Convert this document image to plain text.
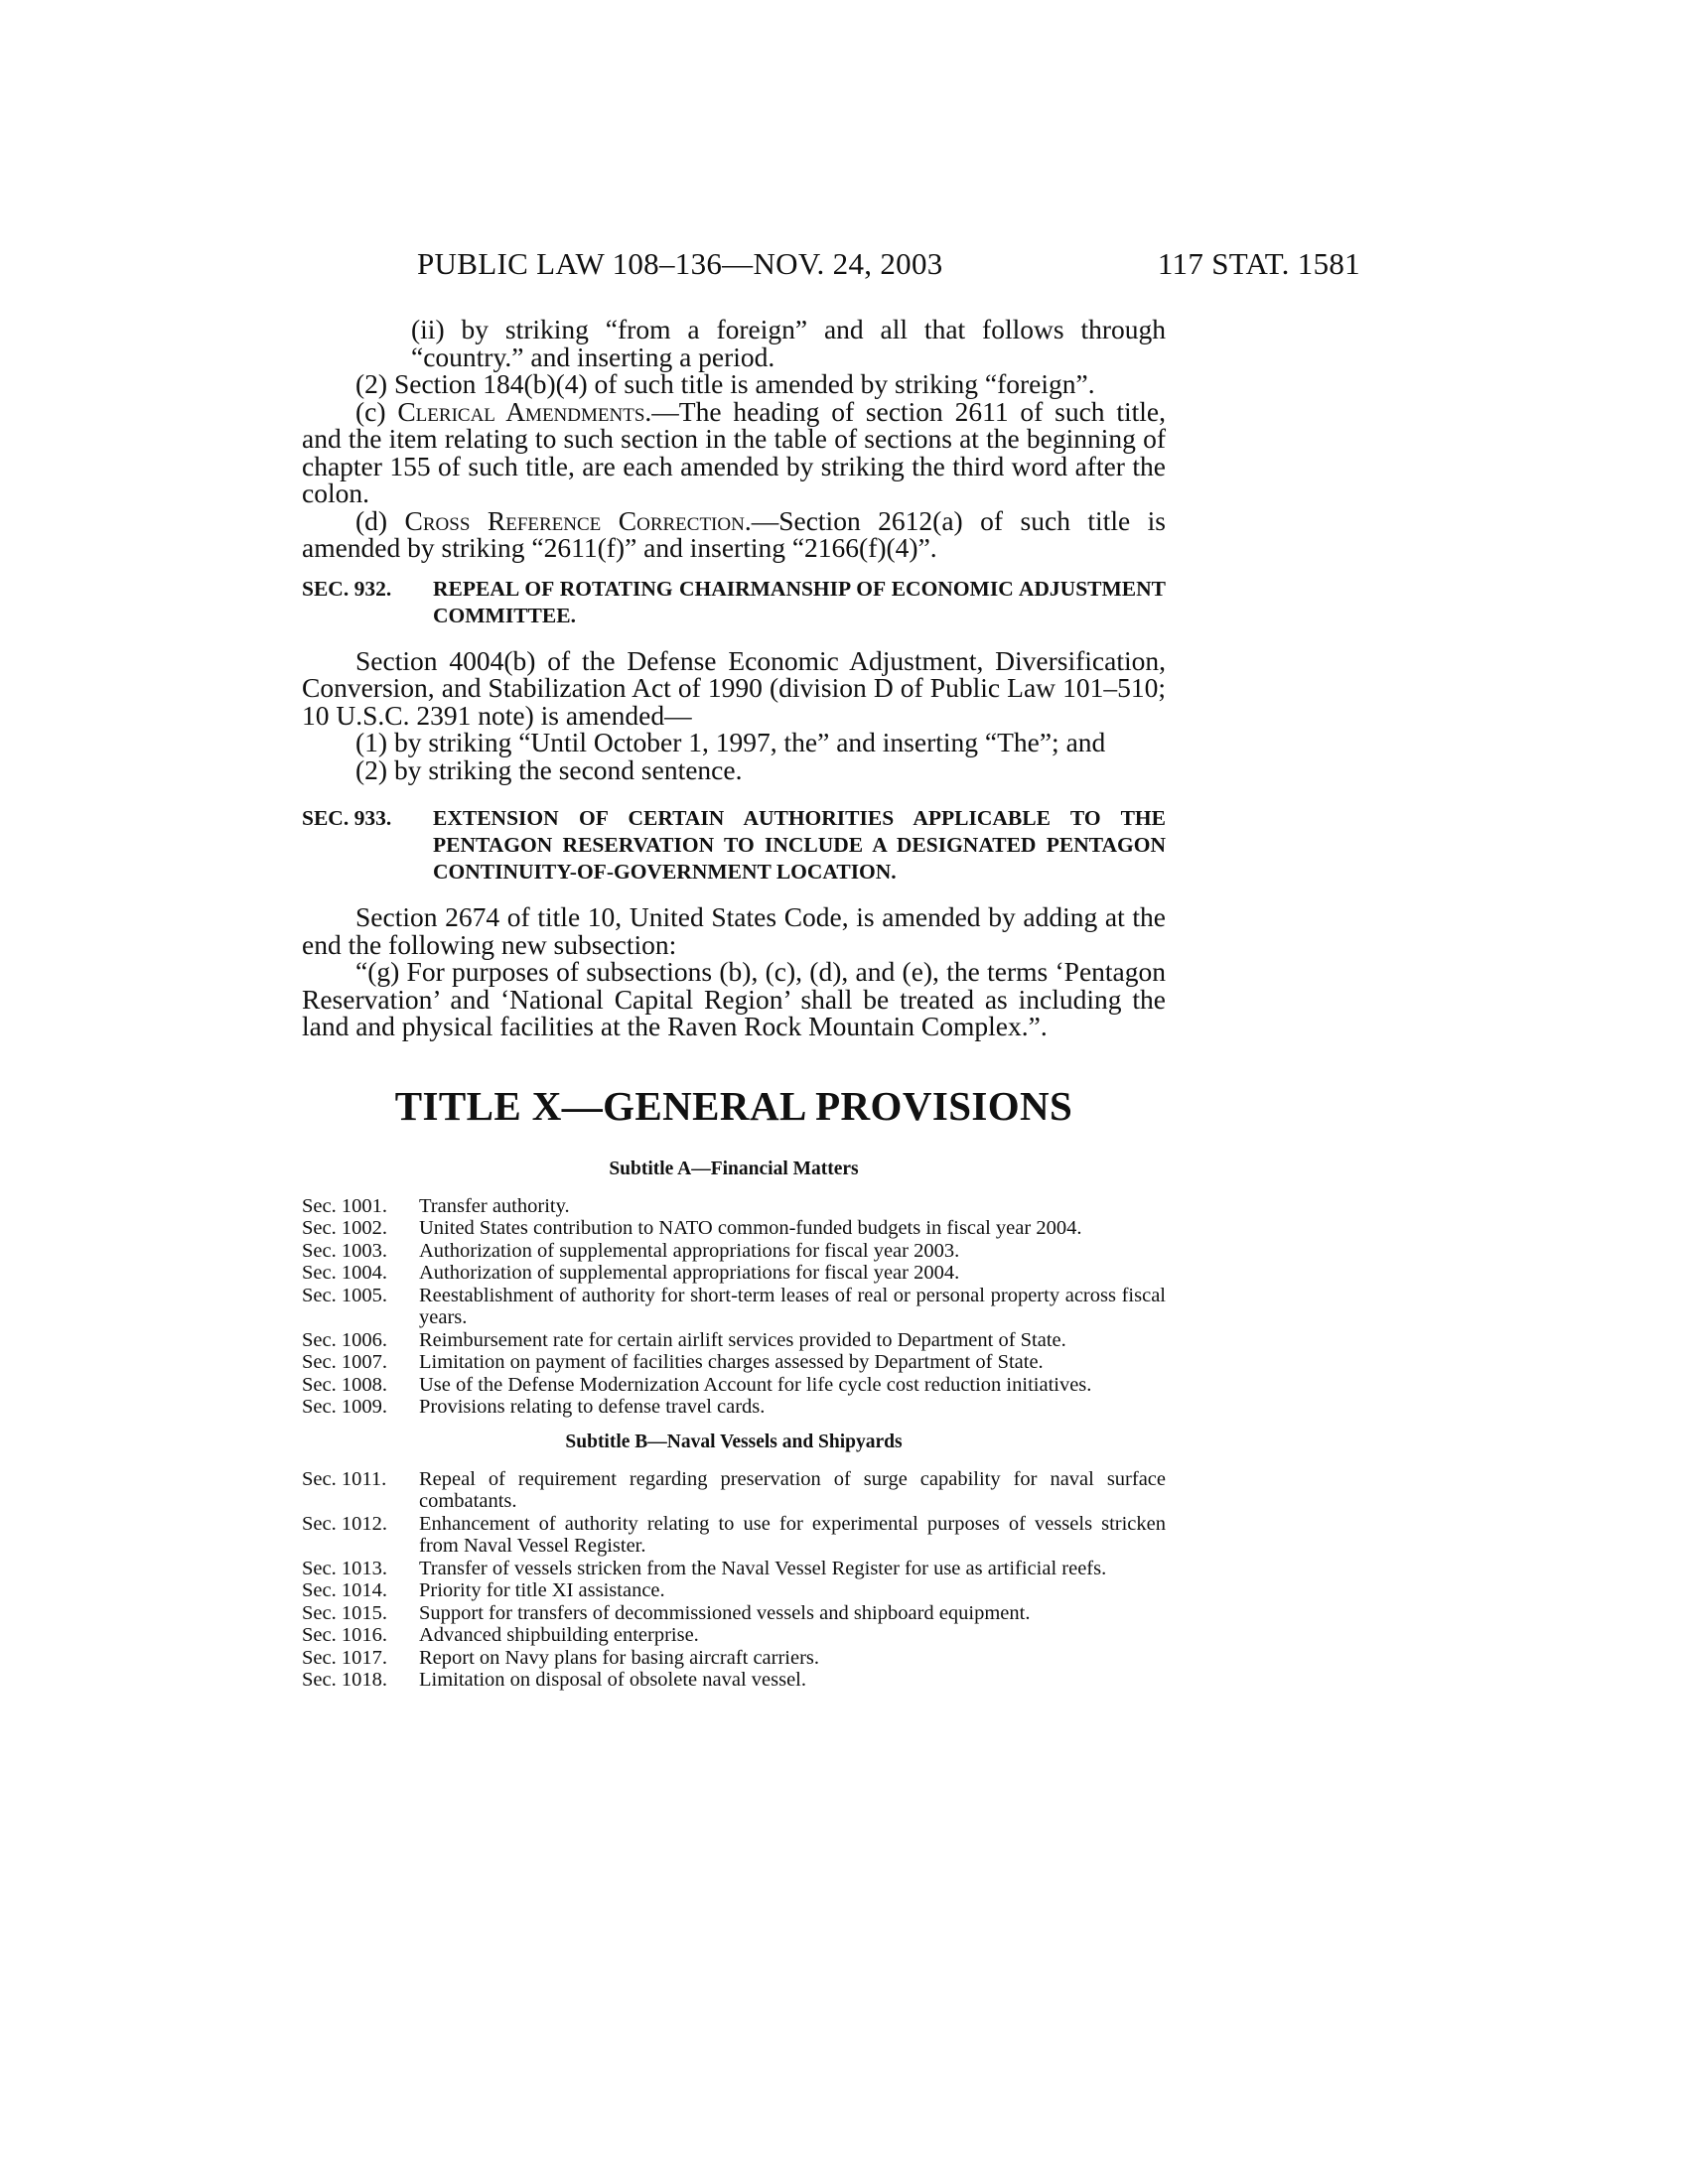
PUBLIC LAW 108–136—NOV. 24, 2003	117 STAT. 1581

(ii) by striking “from a foreign” and all that follows through “country.” and inserting a period.

(2) Section 184(b)(4) of such title is amended by striking “foreign”.

(c) Clerical Amendments.—The heading of section 2611 of such title, and the item relating to such section in the table of sections at the beginning of chapter 155 of such title, are each amended by striking the third word after the colon.

(d) Cross Reference Correction.—Section 2612(a) of such title is amended by striking “2611(f)” and inserting “2166(f)(4)”.

SEC. 932.	REPEAL OF ROTATING CHAIRMANSHIP OF ECONOMIC ADJUSTMENT COMMITTEE.

Section 4004(b) of the Defense Economic Adjustment, Diversification, Conversion, and Stabilization Act of 1990 (division D of Public Law 101–510; 10 U.S.C. 2391 note) is amended—

(1) by striking “Until October 1, 1997, the” and inserting “The”; and

(2) by striking the second sentence.

SEC. 933.	EXTENSION OF CERTAIN AUTHORITIES APPLICABLE TO THE PENTAGON RESERVATION TO INCLUDE A DESIGNATED PENTAGON CONTINUITY-OF-GOVERNMENT LOCATION.

Section 2674 of title 10, United States Code, is amended by adding at the end the following new subsection:

“(g) For purposes of subsections (b), (c), (d), and (e), the terms ‘Pentagon Reservation’ and ‘National Capital Region’ shall be treated as including the land and physical facilities at the Raven Rock Mountain Complex.”.

TITLE X—GENERAL PROVISIONS
Subtitle A—Financial Matters
Sec. 1001.	Transfer authority.
Sec. 1002.	United States contribution to NATO common-funded budgets in fiscal year 2004.
Sec. 1003.	Authorization of supplemental appropriations for fiscal year 2003.
Sec. 1004.	Authorization of supplemental appropriations for fiscal year 2004.
Sec. 1005.	Reestablishment of authority for short-term leases of real or personal property across fiscal years.
Sec. 1006.	Reimbursement rate for certain airlift services provided to Department of State.
Sec. 1007.	Limitation on payment of facilities charges assessed by Department of State.
Sec. 1008.	Use of the Defense Modernization Account for life cycle cost reduction initiatives.
Sec. 1009.	Provisions relating to defense travel cards.
Subtitle B—Naval Vessels and Shipyards
Sec. 1011.	Repeal of requirement regarding preservation of surge capability for naval surface combatants.
Sec. 1012.	Enhancement of authority relating to use for experimental purposes of vessels stricken from Naval Vessel Register.
Sec. 1013.	Transfer of vessels stricken from the Naval Vessel Register for use as artificial reefs.
Sec. 1014.	Priority for title XI assistance.
Sec. 1015.	Support for transfers of decommissioned vessels and shipboard equipment.
Sec. 1016.	Advanced shipbuilding enterprise.
Sec. 1017.	Report on Navy plans for basing aircraft carriers.
Sec. 1018.	Limitation on disposal of obsolete naval vessel.
